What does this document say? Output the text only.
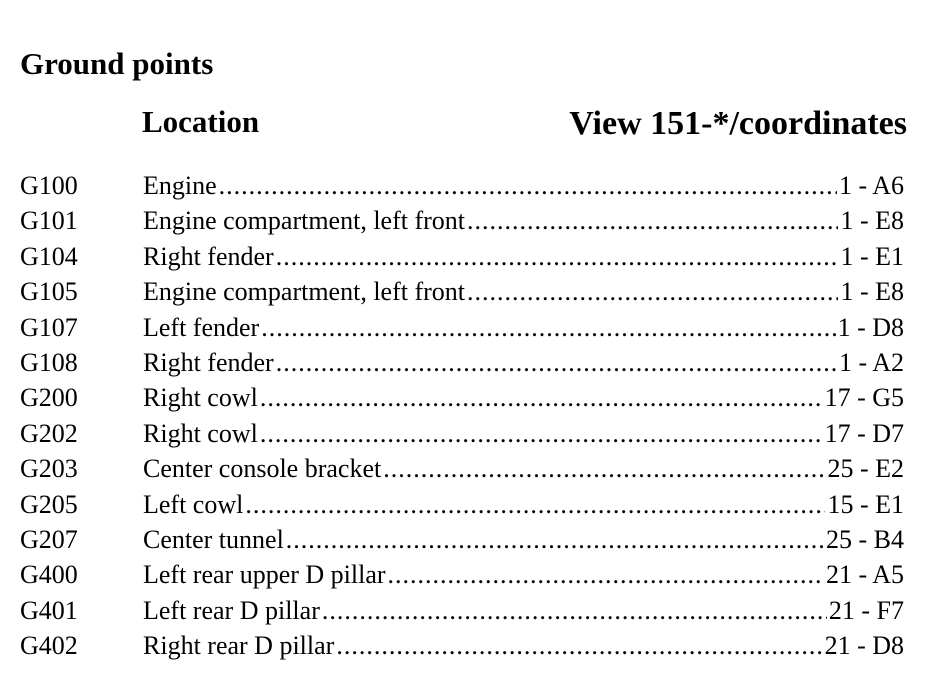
Ground points
Location	View 151-*/coordinates
G100	Engine .....	1 - A6
G101	Engine compartment, left front .....	1 - E8
G104	Right fender .....	1 - E1
G105	Engine compartment, left front .....	1 - E8
G107	Left fender .....	1 - D8
G108	Right fender .....	1 - A2
G200	Right cowl .....	17 - G5
G202	Right cowl .....	17 - D7
G203	Center console bracket .....	25 - E2
G205	Left cowl .....	15 - E1
G207	Center tunnel .....	25 - B4
G400	Left rear upper D pillar .....	21 - A5
G401	Left rear D pillar .....	21 - F7
G402	Right rear D pillar .....	21 - D8
